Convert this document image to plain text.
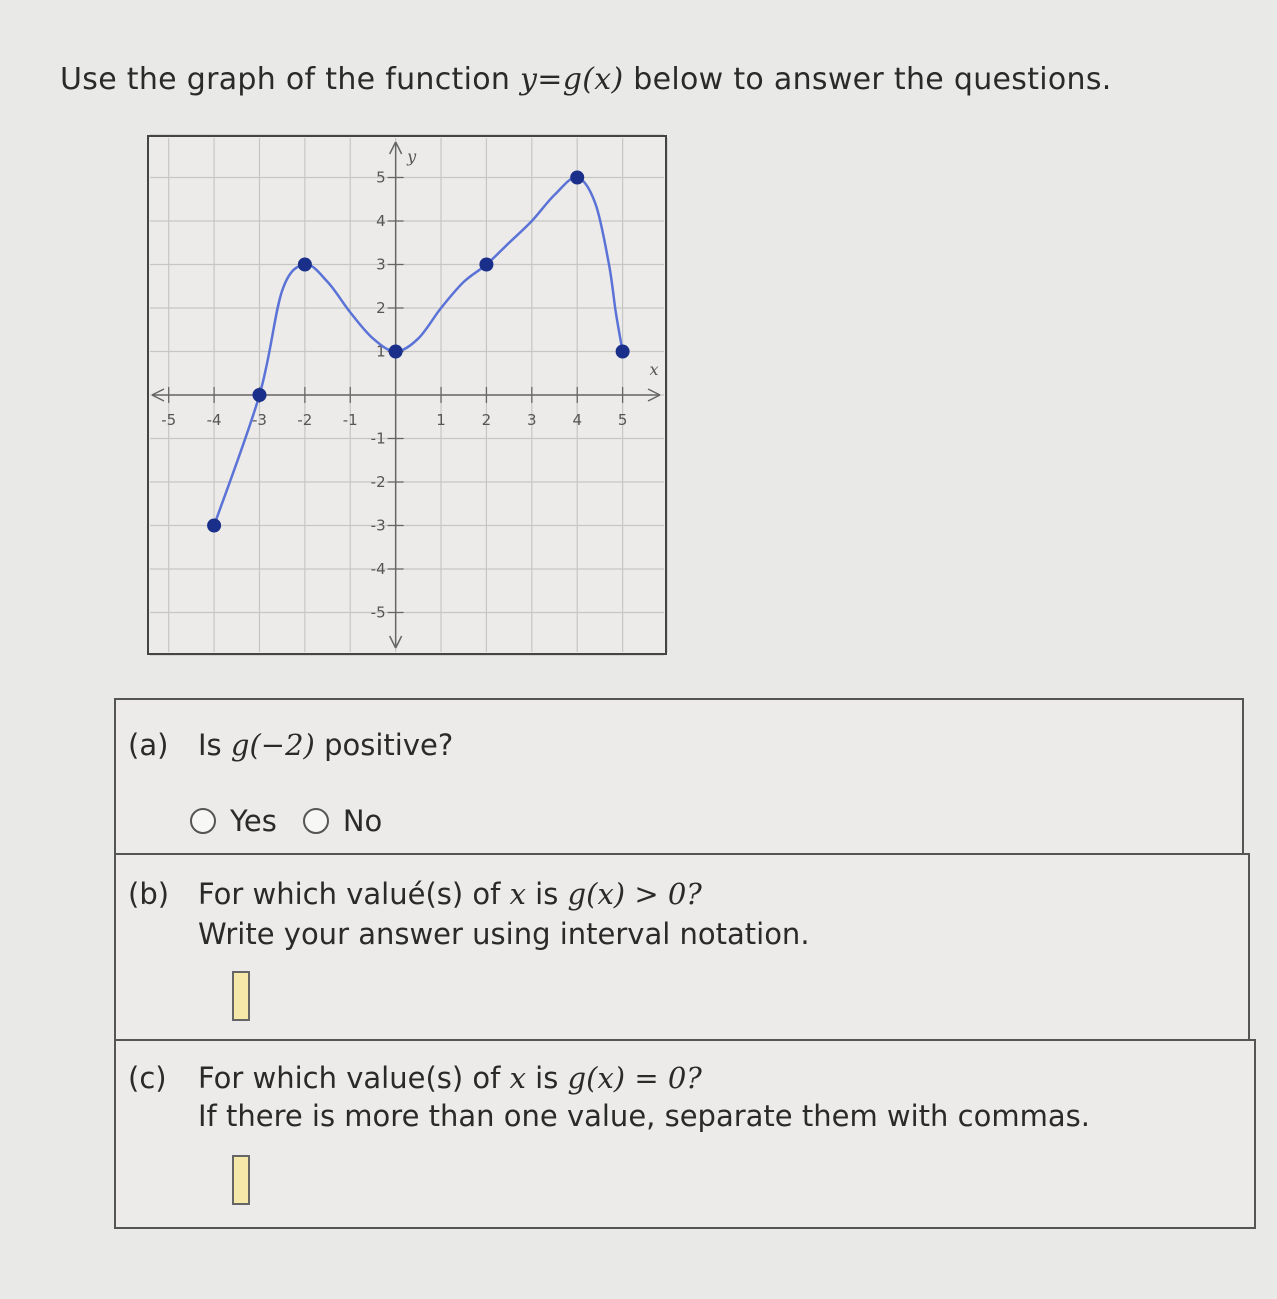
Use the graph of the function y=g(x) below to answer the questions.
-5 -4 -3 -2 -1	1 2 3 4 5
-5
-4
-3
-2
-1
1
2
3
4
5
x
y
(a) Is g(−2) positive?
Yes No
(b) For which valué(s) of x is g(x) > 0?
Write your answer using interval notation.
(c) For which value(s) of x is g(x) = 0?
If there is more than one value, separate them with commas.
